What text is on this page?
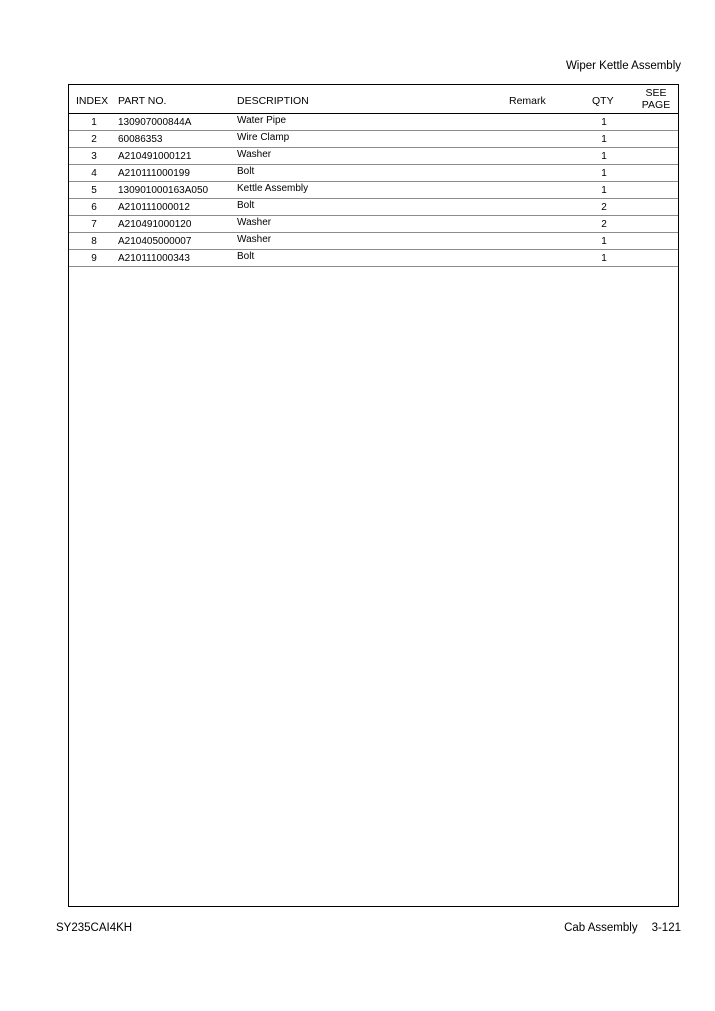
Wiper Kettle Assembly
INDEX PART NO.	DESCRIPTION	Remark	QTY
SEE
PAGE
1	130907000844A	Water Pipe	1
2	60086353	Wire Clamp	1
3	A210491000121	Washer	1
4	A210111000199	Bolt	1
5	130901000163A050	Kettle Assembly	1
6	A210111000012	Bolt	2
7	A210491000120	Washer	2
8	A210405000007	Washer	1
9	A210111000343	Bolt	1
SY235CAI4KH	Cab Assembly 3-121
